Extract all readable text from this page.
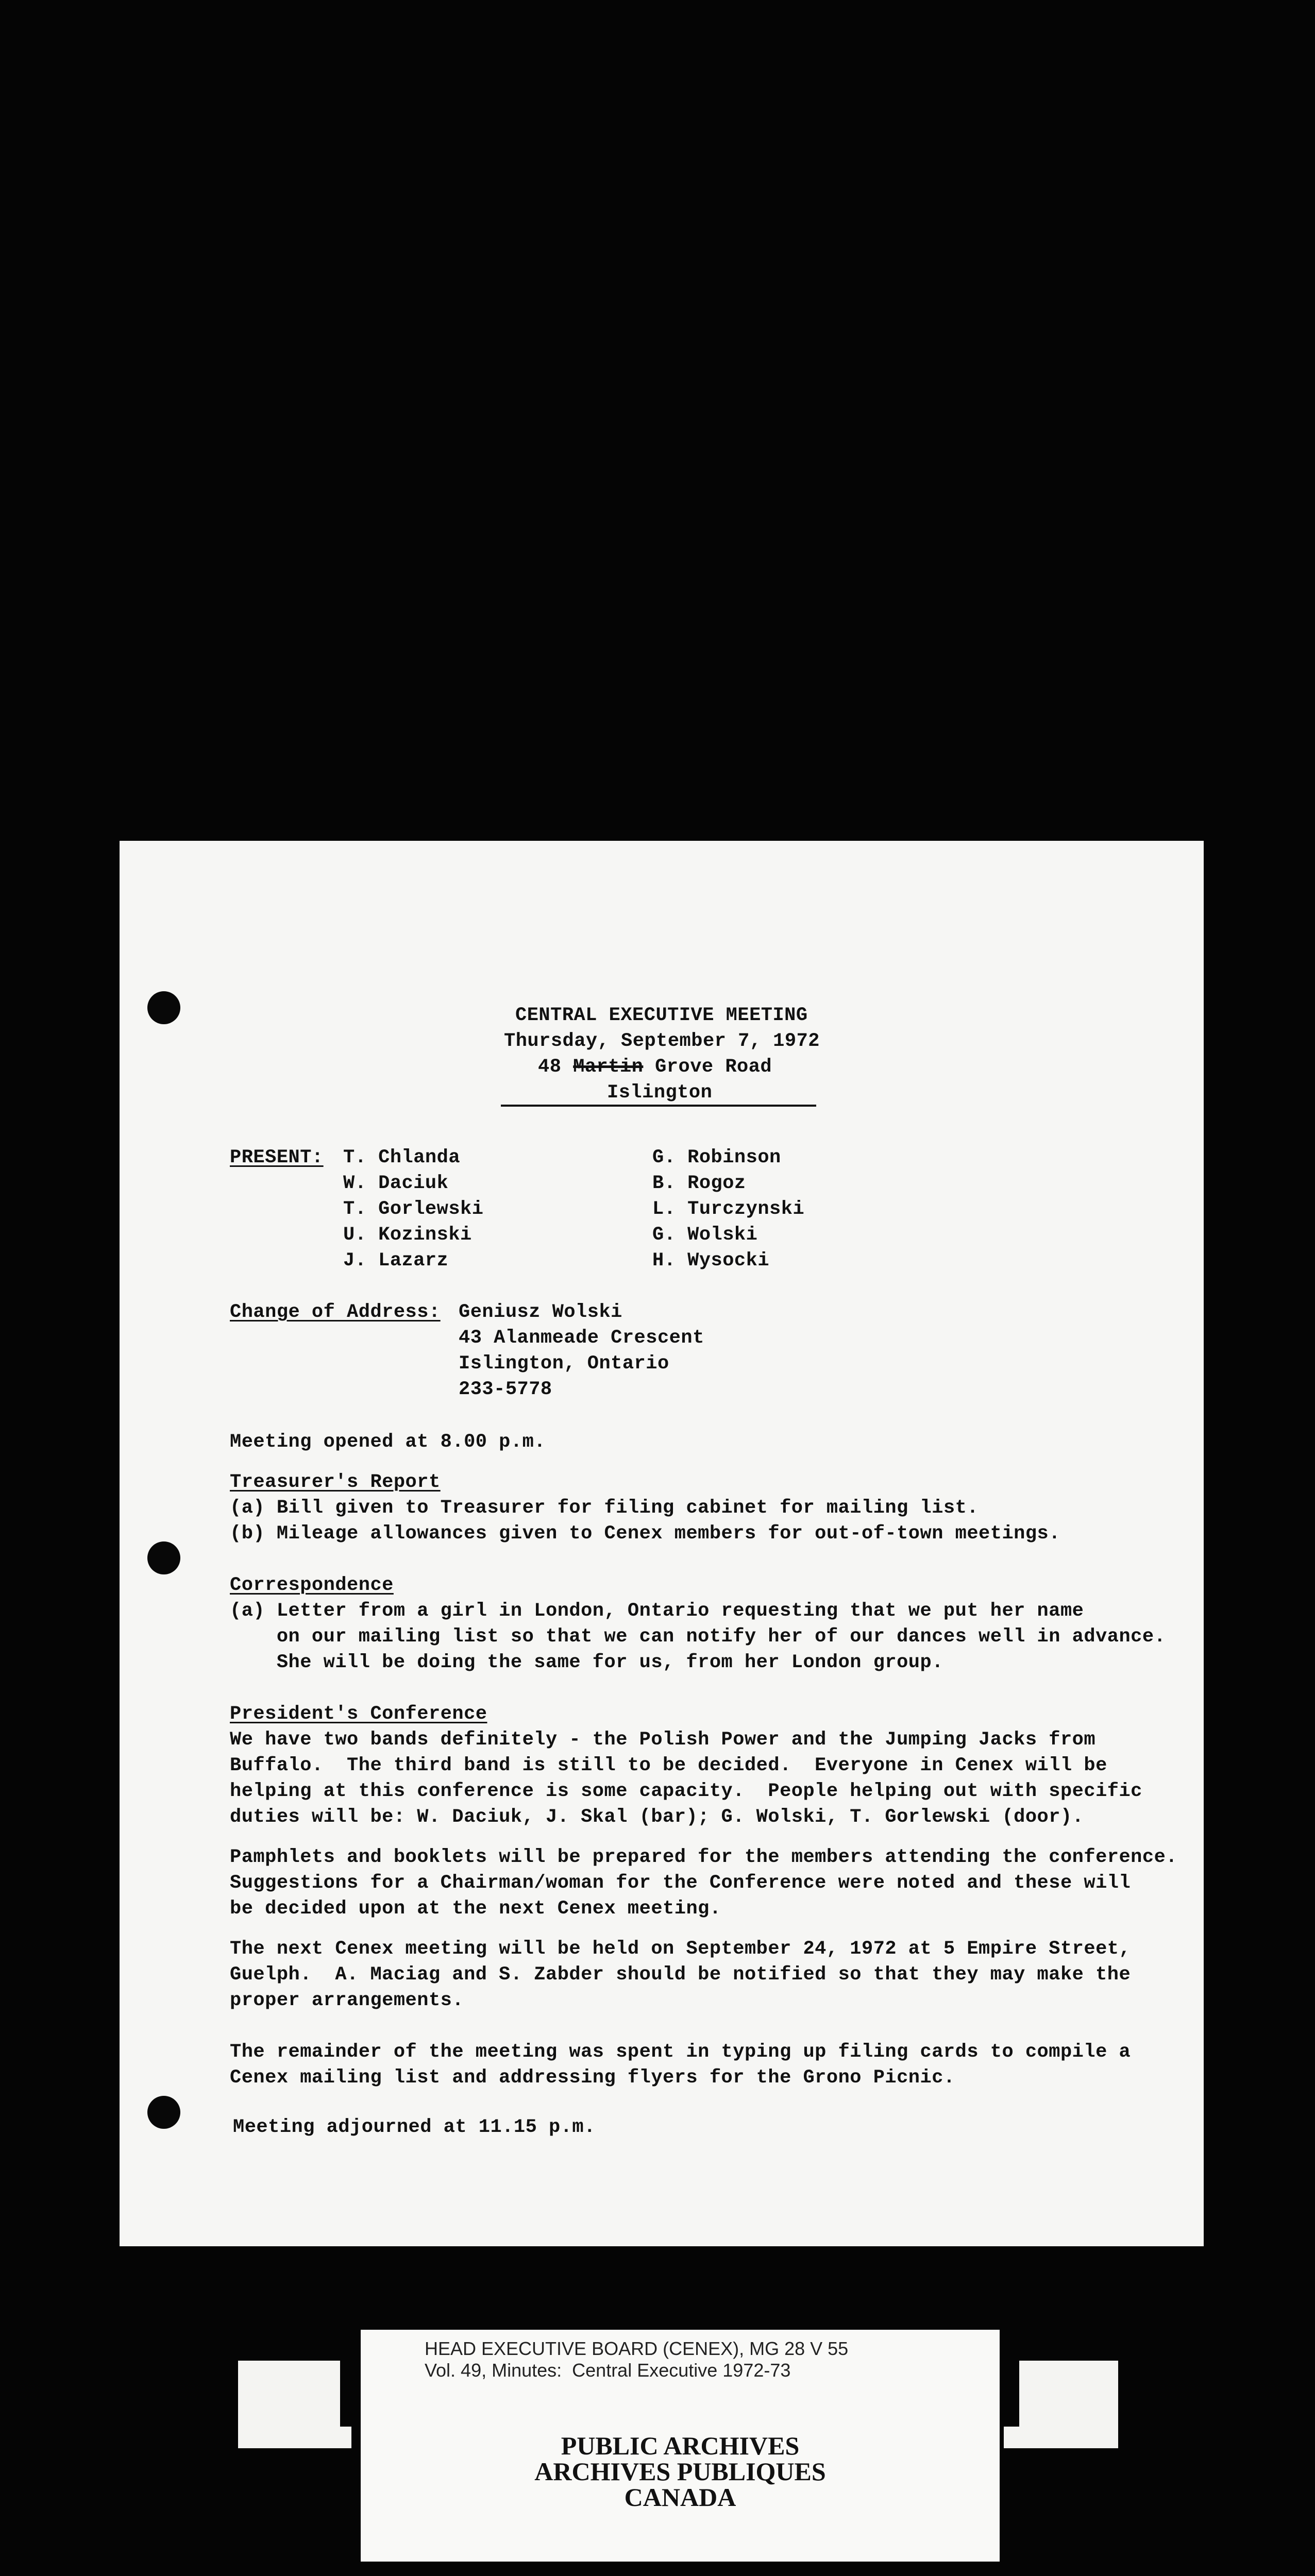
CENTRAL EXECUTIVE MEETING
Thursday, September 7, 1972
48 Martin Grove Road
Islington
PRESENT: T. Chlanda
W. Daciuk
T. Gorlewski
U. Kozinski
J. Lazarz
G. Robinson
B. Rogoz
L. Turczynski
G. Wolski
H. Wysocki
Change of Address: Geniusz Wolski
43 Alanmeade Crescent
Islington, Ontario
233-5778
Meeting opened at 8.00 p.m.
Treasurer's Report
(a) Bill given to Treasurer for filing cabinet for mailing list.
(b) Mileage allowances given to Cenex members for out-of-town meetings.
Correspondence
(a) Letter from a girl in London, Ontario requesting that we put her name
on our mailing list so that we can notify her of our dances well in advance.
She will be doing the same for us, from her London group.
President's Conference
We have two bands definitely - the Polish Power and the Jumping Jacks from
Buffalo.  The third band is still to be decided.  Everyone in Cenex will be
helping at this conference is some capacity.  People helping out with specific
duties will be: W. Daciuk, J. Skal (bar); G. Wolski, T. Gorlewski (door).
Pamphlets and booklets will be prepared for the members attending the conference.
Suggestions for a Chairman/woman for the Conference were noted and these will
be decided upon at the next Cenex meeting.
The next Cenex meeting will be held on September 24, 1972 at 5 Empire Street,
Guelph.  A. Maciag and S. Zabder should be notified so that they may make the
proper arrangements.
The remainder of the meeting was spent in typing up filing cards to compile a
Cenex mailing list and addressing flyers for the Grono Picnic.
Meeting adjourned at 11.15 p.m.
HEAD EXECUTIVE BOARD (CENEX), MG 28 V 55
Vol. 49, Minutes:  Central Executive 1972-73
PUBLIC ARCHIVES
ARCHIVES PUBLIQUES
CANADA
